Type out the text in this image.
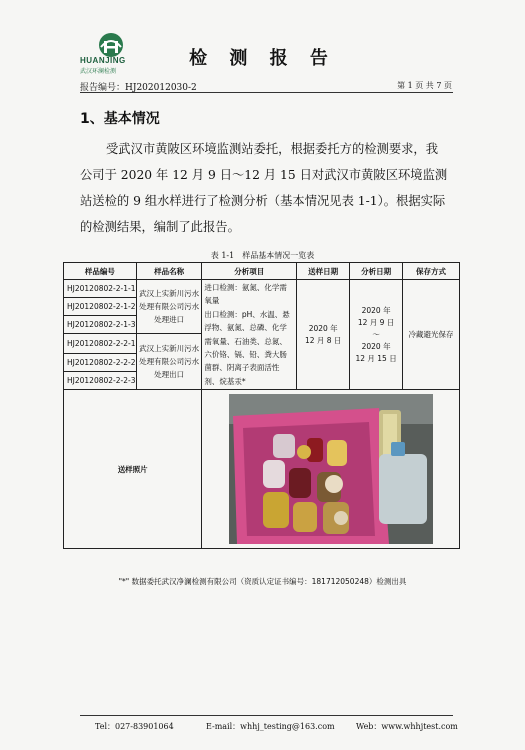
HUANJING
武汉环澜检测
检 测 报 告
报告编号：HJ202012030-2	第 1 页 共 7 页
1、基本情况
受武汉市黄陂区环境监测站委托，根据委托方的检测要求，我公司于 2020 年 12 月 9 日～12 月 15 日对武汉市黄陂区环境监测站送检的 9 组水样进行了检测分析（基本情况见表 1-1）。根据实际的检测结果，编制了此报告。
表 1-1　样品基本情况一览表
样品编号	样品名称	分析项目	送样日期	分析日期	保存方式
HJ20120802-2-1-1	武汉上实新川污水处理有限公司污水处理进口	进口检测：氨氮、化学需氧量
出口检测：pH、水温、悬浮物、氨氮、总磷、化学需氧量、石油类、总氮、六价铬、镉、铅、粪大肠菌群、阴离子表面活性剂、烷基汞*	2020 年
12 月 8 日	2020 年
12 月 9 日
～
2020 年
12 月 15 日	冷藏避光保存
HJ20120802-2-1-2					
HJ20120802-2-1-3					
HJ20120802-2-2-1	武汉上实新川污水处理有限公司污水处理出口				
HJ20120802-2-2-2					
HJ20120802-2-2-3					
送样照片	
"*" 数据委托武汉净澜检测有限公司（资质认定证书编号：181712050248）检测出具
Tel：027-83901064	E-mail：whhj_testing@163.com	Web：www.whhjtest.com
